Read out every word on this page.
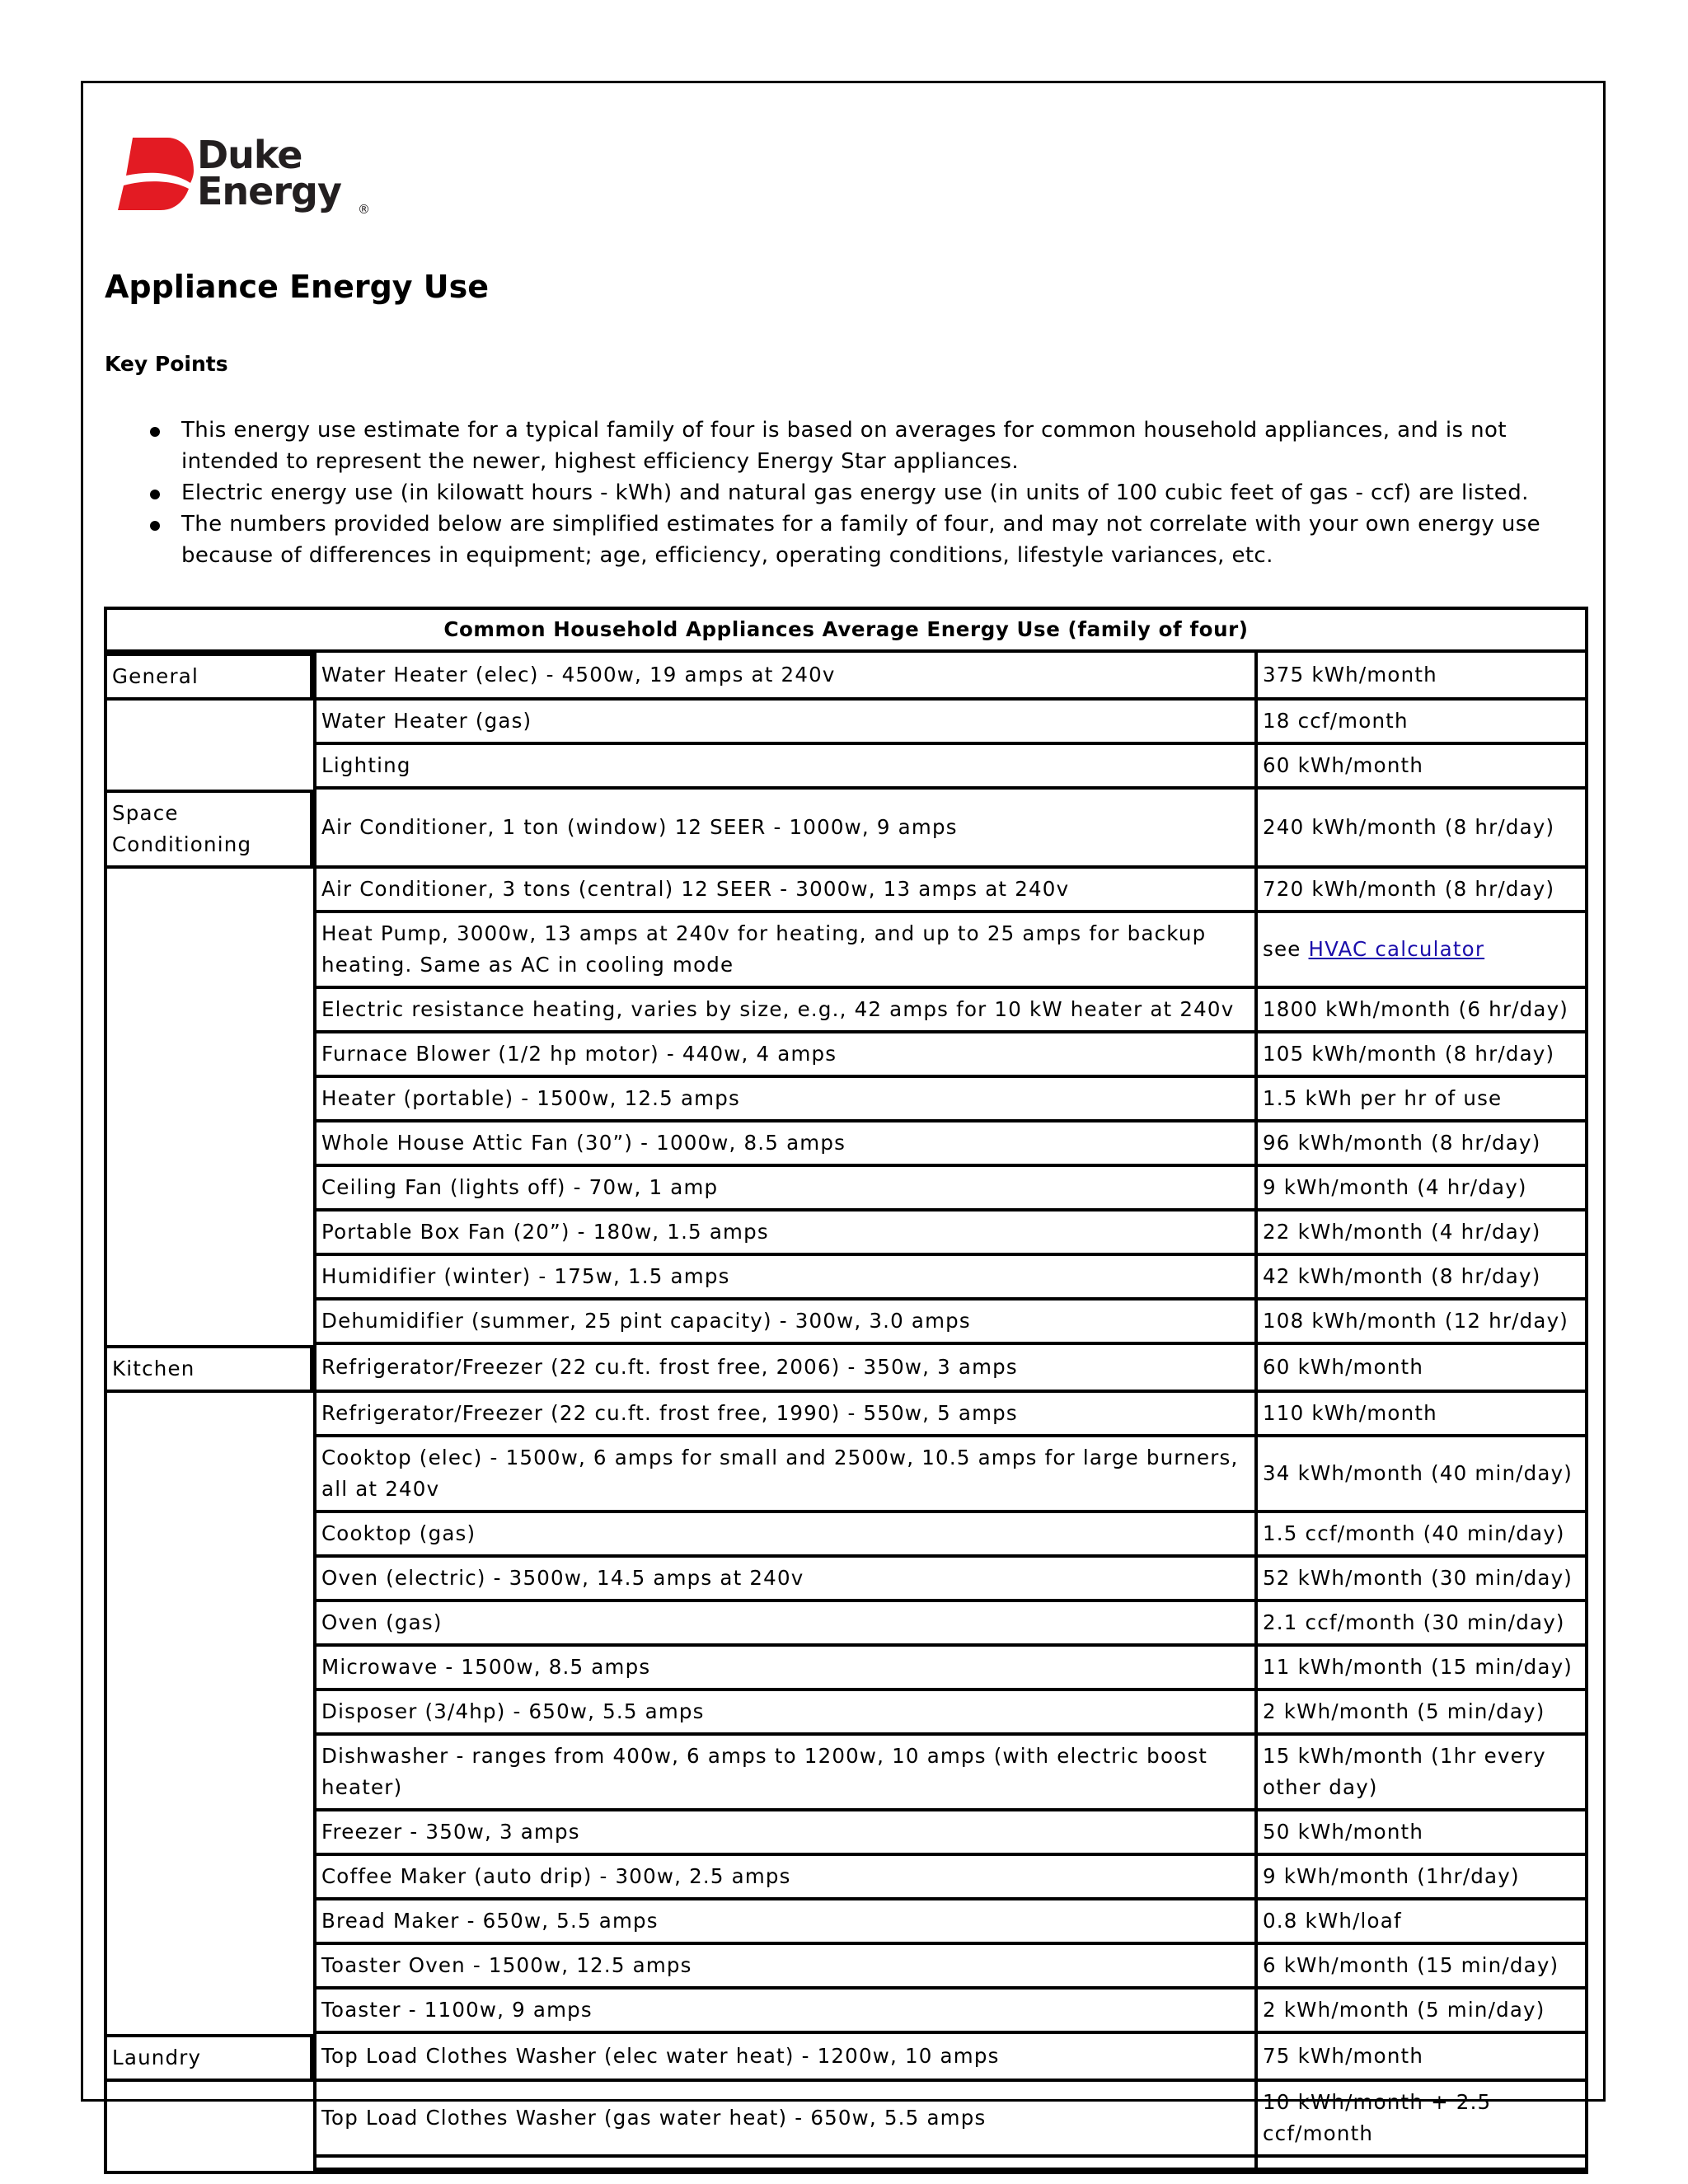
Duke
Energy ®
Appliance Energy Use
Key Points
This energy use estimate for a typical family of four is based on averages for common household appliances, and is not intended to represent the newer, highest efficiency Energy Star appliances.
Electric energy use (in kilowatt hours - kWh) and natural gas energy use (in units of 100 cubic feet of gas - ccf) are listed.
The numbers provided below are simplified estimates for a family of four, and may not correlate with your own energy use because of differences in equipment; age, efficiency, operating conditions, lifestyle variances, etc.
Common Household Appliances Average Energy Use (family of four)		
General	Water Heater (elec) - 4500w, 19 amps at 240v	375 kWh/month
	Water Heater (gas)	18 ccf/month
	Lighting	60 kWh/month
Space Conditioning	Air Conditioner, 1 ton (window) 12 SEER - 1000w, 9 amps	240 kWh/month (8 hr/day)
	Air Conditioner, 3 tons (central) 12 SEER - 3000w, 13 amps at 240v	720 kWh/month (8 hr/day)
	Heat Pump, 3000w, 13 amps at 240v for heating, and up to 25 amps for backup heating. Same as AC in cooling mode	see HVAC calculator
	Electric resistance heating, varies by size, e.g., 42 amps for 10 kW heater at 240v	1800 kWh/month (6 hr/day)
	Furnace Blower (1/2 hp motor) - 440w, 4 amps	105 kWh/month (8 hr/day)
	Heater (portable) - 1500w, 12.5 amps	1.5 kWh per hr of use
	Whole House Attic Fan (30”) - 1000w, 8.5 amps	96 kWh/month (8 hr/day)
	Ceiling Fan (lights off) - 70w, 1 amp	9 kWh/month (4 hr/day)
	Portable Box Fan (20”) - 180w, 1.5 amps	22 kWh/month (4 hr/day)
	Humidifier (winter) - 175w, 1.5 amps	42 kWh/month (8 hr/day)
	Dehumidifier (summer, 25 pint capacity) - 300w, 3.0 amps	108 kWh/month (12 hr/day)
Kitchen	Refrigerator/Freezer (22 cu.ft. frost free, 2006) - 350w, 3 amps	60 kWh/month
	Refrigerator/Freezer (22 cu.ft. frost free, 1990) - 550w, 5 amps	110 kWh/month
	Cooktop (elec) - 1500w, 6 amps for small and 2500w, 10.5 amps for large burners, all at 240v	34 kWh/month (40 min/day)
	Cooktop (gas)	1.5 ccf/month (40 min/day)
	Oven (electric) - 3500w, 14.5 amps at 240v	52 kWh/month (30 min/day)
	Oven (gas)	2.1 ccf/month (30 min/day)
	Microwave - 1500w, 8.5 amps	11 kWh/month (15 min/day)
	Disposer (3/4hp) - 650w, 5.5 amps	2 kWh/month (5 min/day)
	Dishwasher - ranges from 400w, 6 amps to 1200w, 10 amps (with electric boost heater)	15 kWh/month (1hr every other day)
	Freezer - 350w, 3 amps	50 kWh/month
	Coffee Maker (auto drip) - 300w, 2.5 amps	9 kWh/month (1hr/day)
	Bread Maker - 650w, 5.5 amps	0.8 kWh/loaf
	Toaster Oven - 1500w, 12.5 amps	6 kWh/month (15 min/day)
	Toaster - 1100w, 9 amps	2 kWh/month (5 min/day)
Laundry	Top Load Clothes Washer (elec water heat) - 1200w, 10 amps	75 kWh/month
	Top Load Clothes Washer (gas water heat) - 650w, 5.5 amps	10 kWh/month + 2.5 ccf/month
